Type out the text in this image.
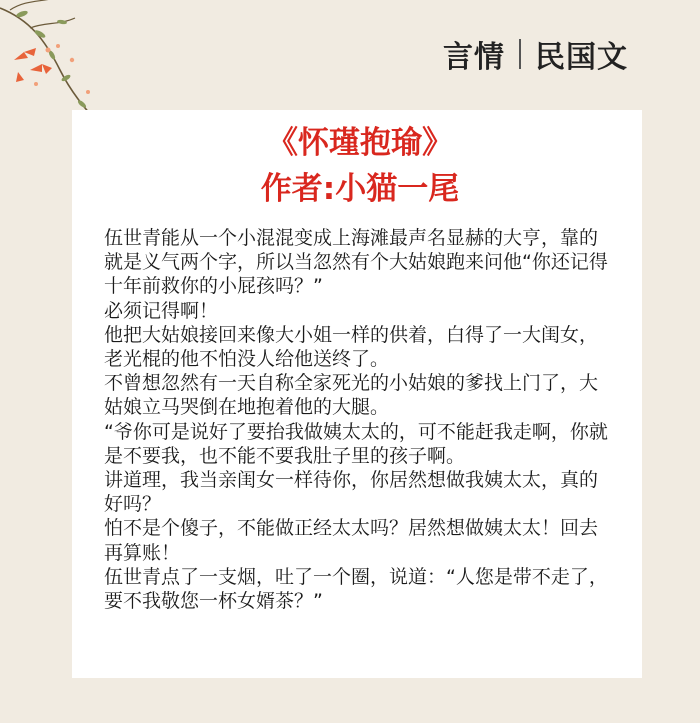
言情 民国文
《怀瑾抱瑜》
作者:小猫一尾

伍世青能从一个小混混变成上海滩最声名显赫的大亨，靠的就是义气两个字，所以当忽然有个大姑娘跑来问他“你还记得十年前救你的小屁孩吗？”

必须记得啊！

他把大姑娘接回来像大小姐一样的供着，白得了一大闺女，老光棍的他不怕没人给他送终了。

不曾想忽然有一天自称全家死光的小姑娘的爹找上门了，大姑娘立马哭倒在地抱着他的大腿。

“爷你可是说好了要抬我做姨太太的，可不能赶我走啊，你就是不要我，也不能不要我肚子里的孩子啊。

讲道理，我当亲闺女一样待你，你居然想做我姨太太，真的好吗？

怕不是个傻子，不能做正经太太吗？居然想做姨太太！回去再算账！

伍世青点了一支烟，吐了一个圈，说道：“人您是带不走了，要不我敬您一杯女婿茶？”
